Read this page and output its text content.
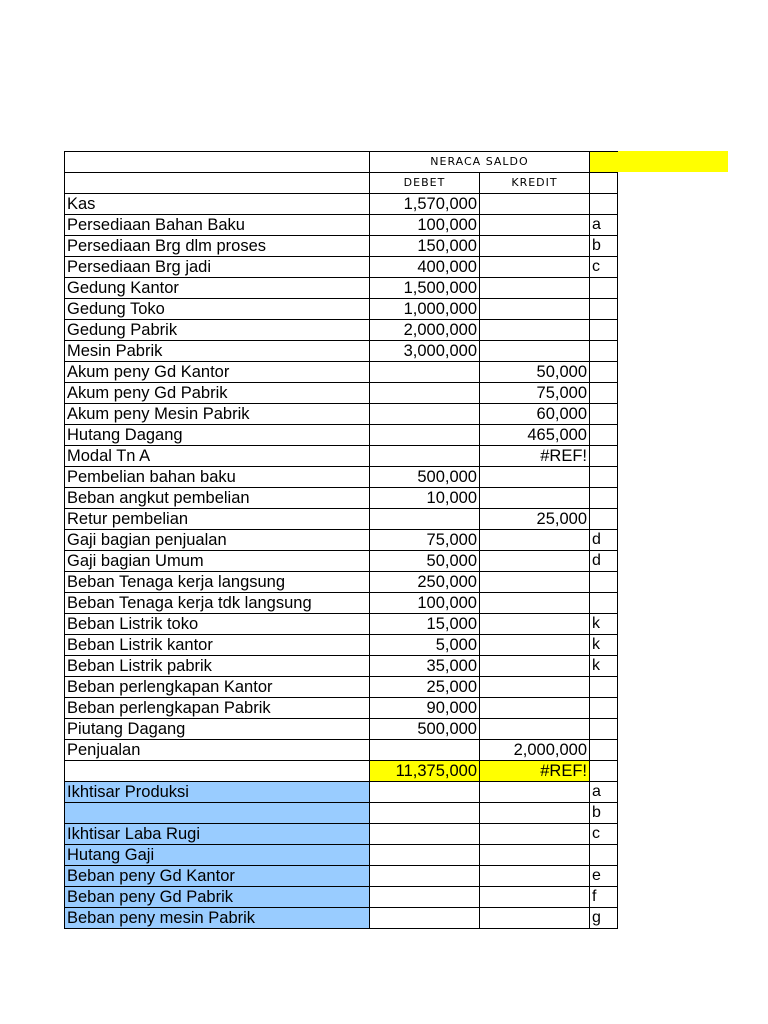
	NERACA SALDO		
	DEBET	KREDIT	
Kas	1,570,000		
Persediaan Bahan Baku	100,000		a
Persediaan Brg dlm proses	150,000		b
Persediaan Brg jadi	400,000		c
Gedung Kantor	1,500,000		
Gedung Toko	1,000,000		
Gedung Pabrik	2,000,000		
Mesin Pabrik	3,000,000		
Akum peny Gd Kantor		50,000	
Akum peny Gd Pabrik		75,000	
Akum peny Mesin Pabrik		60,000	
Hutang Dagang		465,000	
Modal Tn A		#REF!	
Pembelian bahan baku	500,000		
Beban angkut pembelian	10,000		
Retur pembelian		25,000	
Gaji bagian penjualan	75,000		d
Gaji bagian Umum	50,000		d
Beban Tenaga kerja langsung	250,000		
Beban Tenaga kerja tdk langsung	100,000		
Beban Listrik toko	15,000		k
Beban Listrik kantor	5,000		k
Beban Listrik pabrik	35,000		k
Beban perlengkapan Kantor	25,000		
Beban perlengkapan Pabrik	90,000		
Piutang Dagang	500,000		
Penjualan		2,000,000	
	11,375,000	#REF!	
Ikhtisar Produksi			a
			b
Ikhtisar Laba Rugi			c
Hutang Gaji			
Beban peny Gd Kantor			e
Beban peny Gd Pabrik			f
Beban peny mesin Pabrik			g
